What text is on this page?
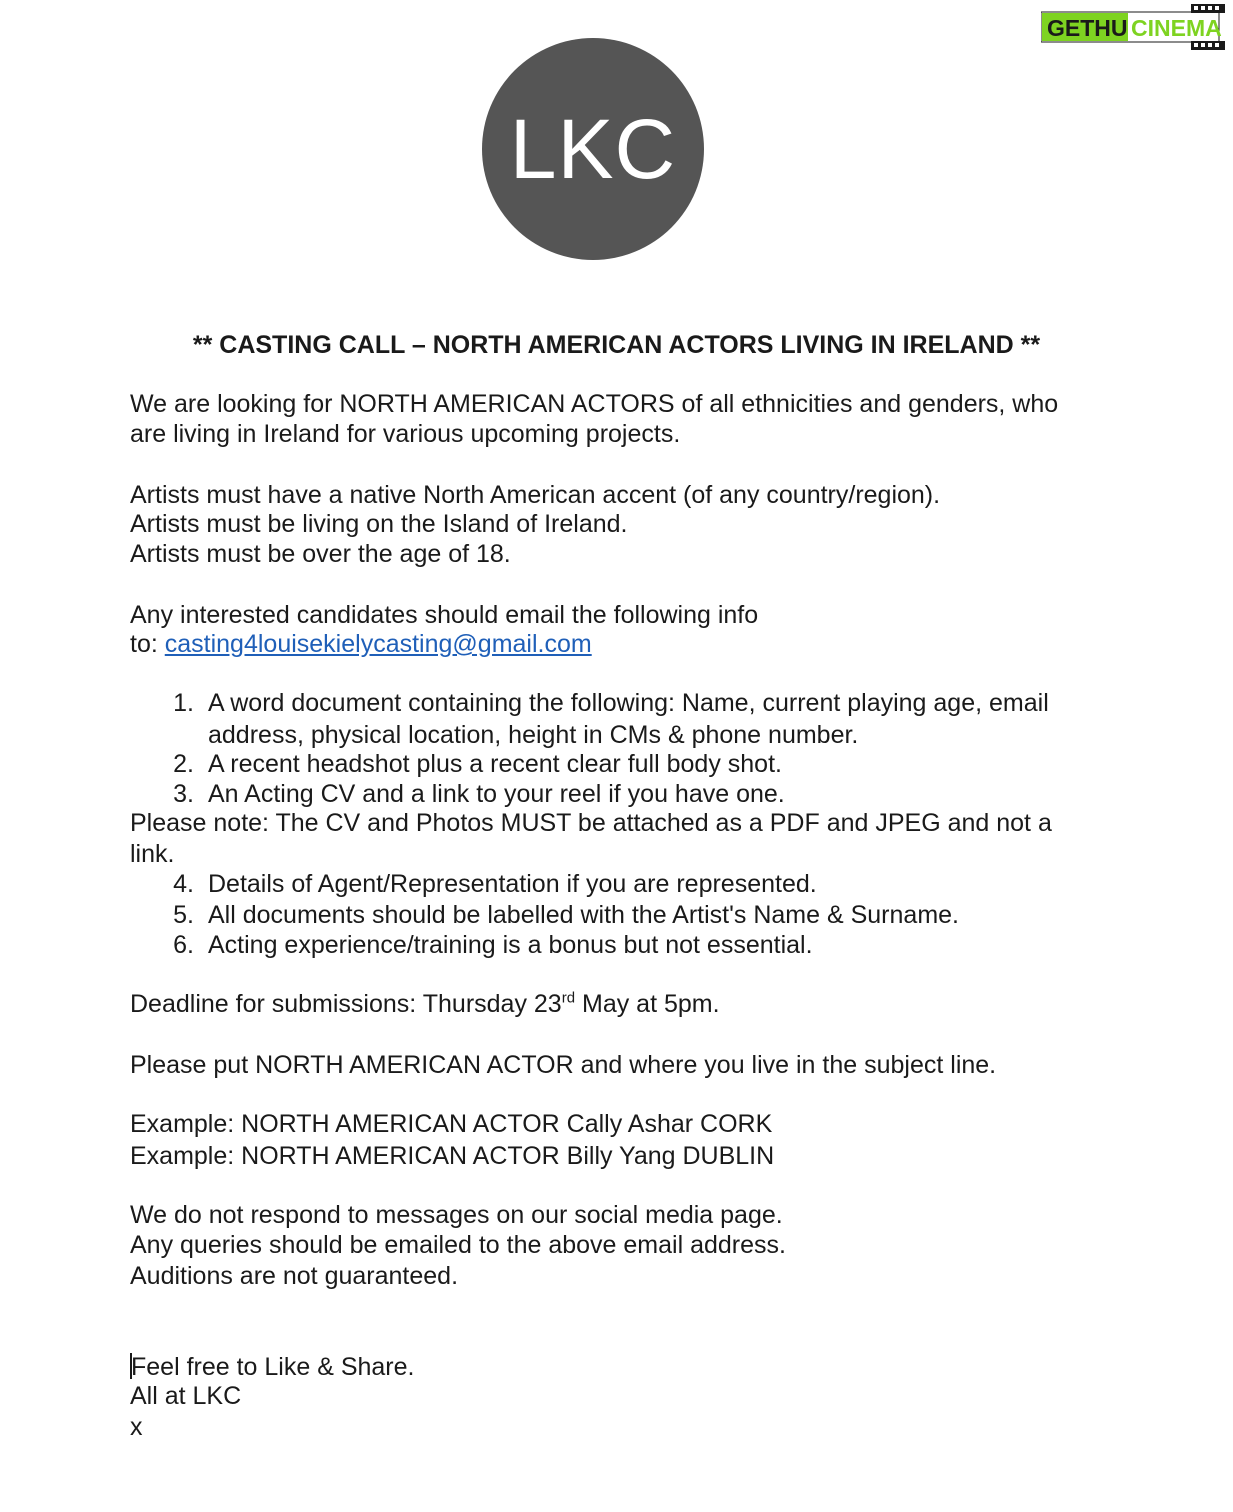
GETHU CINEMA
LKC
** CASTING CALL – NORTH AMERICAN ACTORS LIVING IN IRELAND **
We are looking for NORTH AMERICAN ACTORS of all ethnicities and genders, who
are living in Ireland for various upcoming projects.
Artists must have a native North American accent (of any country/region).
Artists must be living on the Island of Ireland.
Artists must be over the age of 18.
Any interested candidates should email the following info
to: casting4louisekielycasting@gmail.com
1. A word document containing the following: Name, current playing age, email
address, physical location, height in CMs & phone number.
2. A recent headshot plus a recent clear full body shot.
3. An Acting CV and a link to your reel if you have one.
Please note: The CV and Photos MUST be attached as a PDF and JPEG and not a
link.
4. Details of Agent/Representation if you are represented.
5. All documents should be labelled with the Artist's Name & Surname.
6. Acting experience/training is a bonus but not essential.
Deadline for submissions: Thursday 23rd May at 5pm.
Please put NORTH AMERICAN ACTOR and where you live in the subject line.
Example: NORTH AMERICAN ACTOR Cally Ashar CORK
Example: NORTH AMERICAN ACTOR Billy Yang DUBLIN
We do not respond to messages on our social media page.
Any queries should be emailed to the above email address.
Auditions are not guaranteed.
Feel free to Like & Share.
All at LKC
x
